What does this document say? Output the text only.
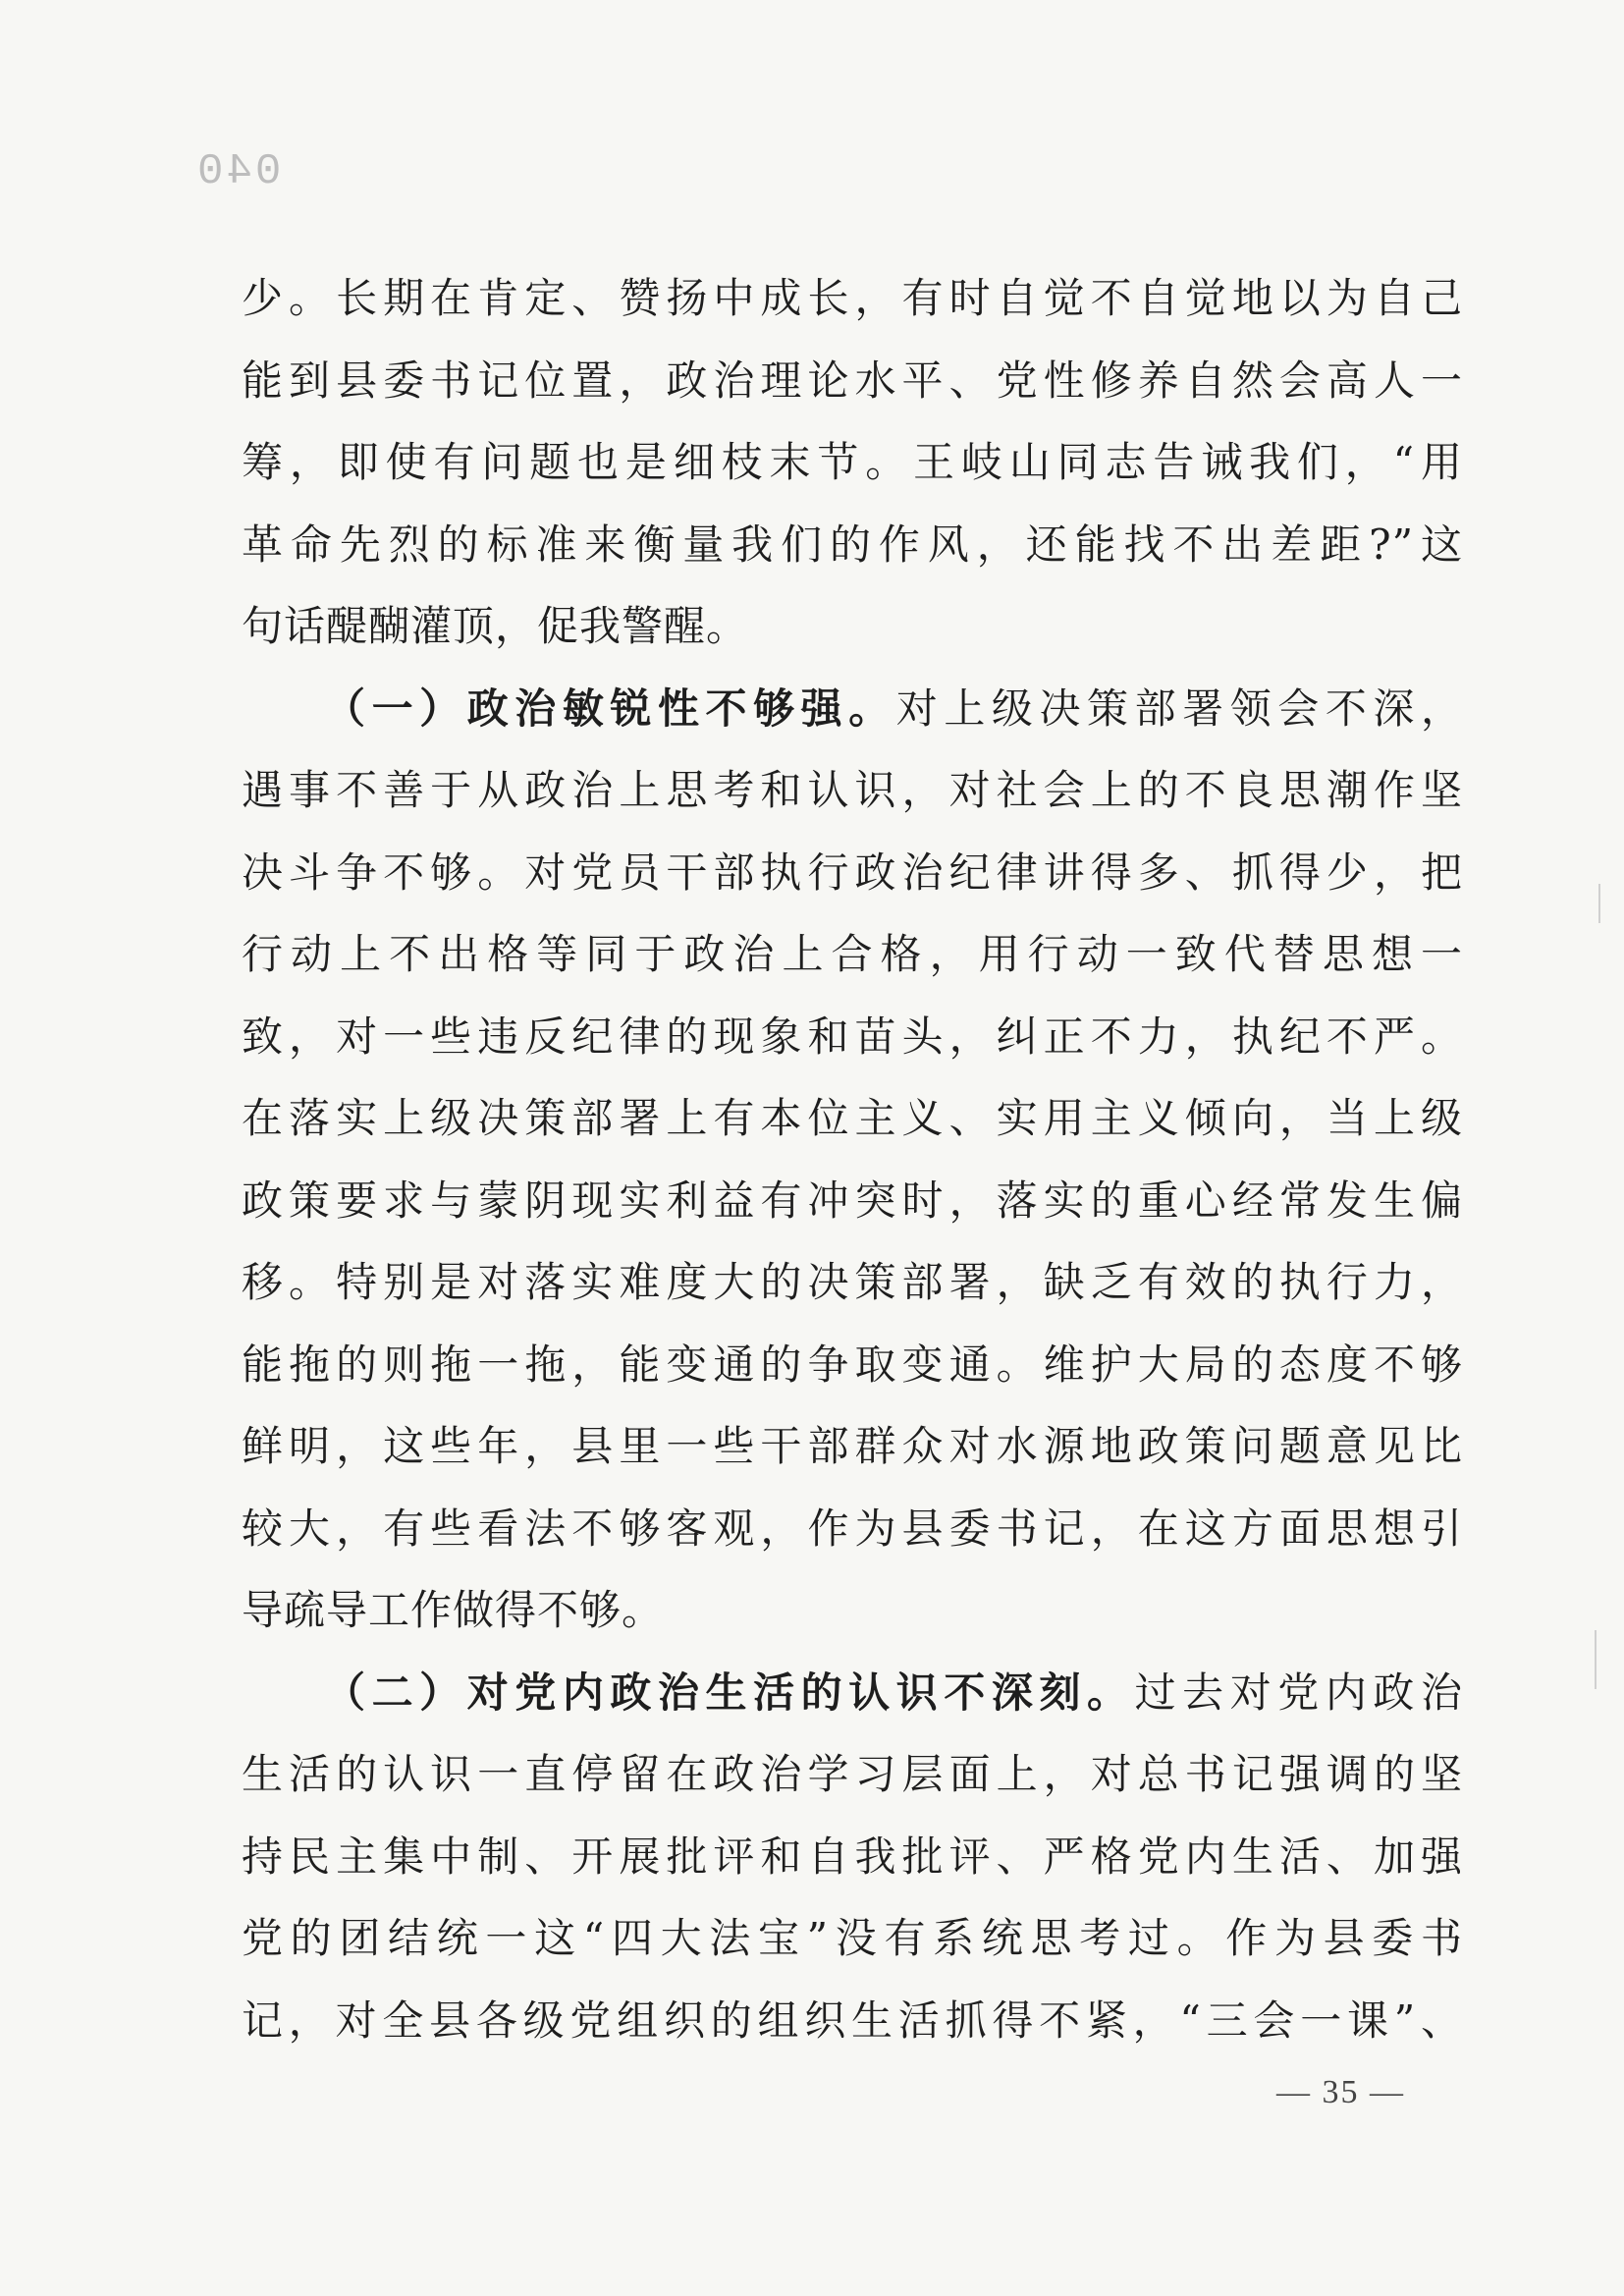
040
少。长期在肯定、赞扬中成长，有时自觉不自觉地以为自己
能到县委书记位置，政治理论水平、党性修养自然会高人一
筹，即使有问题也是细枝末节。王岐山同志告诫我们，“用
革命先烈的标准来衡量我们的作风，还能找不出差距?”这
句话醍醐灌顶，促我警醒。
（一）政治敏锐性不够强。对上级决策部署领会不深，
遇事不善于从政治上思考和认识，对社会上的不良思潮作坚
决斗争不够。对党员干部执行政治纪律讲得多、抓得少，把
行动上不出格等同于政治上合格，用行动一致代替思想一
致，对一些违反纪律的现象和苗头，纠正不力，执纪不严。
在落实上级决策部署上有本位主义、实用主义倾向，当上级
政策要求与蒙阴现实利益有冲突时，落实的重心经常发生偏
移。特别是对落实难度大的决策部署，缺乏有效的执行力，
能拖的则拖一拖，能变通的争取变通。维护大局的态度不够
鲜明，这些年，县里一些干部群众对水源地政策问题意见比
较大，有些看法不够客观，作为县委书记，在这方面思想引
导疏导工作做得不够。
（二）对党内政治生活的认识不深刻。过去对党内政治
生活的认识一直停留在政治学习层面上，对总书记强调的坚
持民主集中制、开展批评和自我批评、严格党内生活、加强
党的团结统一这“四大法宝”没有系统思考过。作为县委书
记，对全县各级党组织的组织生活抓得不紧，“三会一课”、
— 35 —
